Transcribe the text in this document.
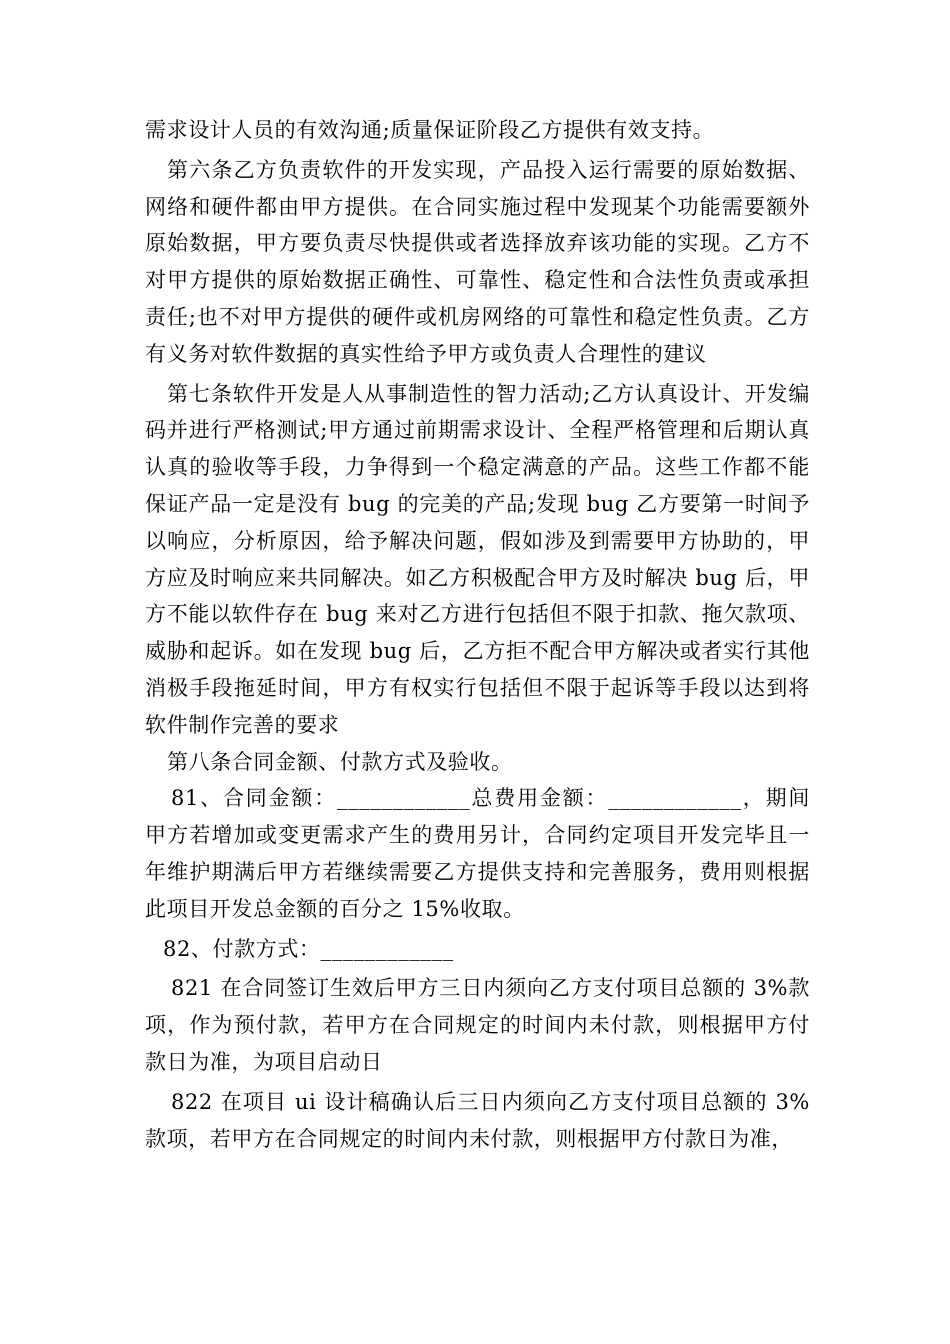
需求设计人员的有效沟通;质量保证阶段乙方提供有效支持。

第六条乙方负责软件的开发实现，产品投入运行需要的原始数据、网络和硬件都由甲方提供。在合同实施过程中发现某个功能需要额外原始数据，甲方要负责尽快提供或者选择放弃该功能的实现。乙方不对甲方提供的原始数据正确性、可靠性、稳定性和合法性负责或承担责任;也不对甲方提供的硬件或机房网络的可靠性和稳定性负责。乙方有义务对软件数据的真实性给予甲方或负责人合理性的建议

第七条软件开发是人从事制造性的智力活动;乙方认真设计、开发编码并进行严格测试;甲方通过前期需求设计、全程严格管理和后期认真认真的验收等手段，力争得到一个稳定满意的产品。这些工作都不能保证产品一定是没有 bug 的完美的产品;发现 bug 乙方要第一时间予以响应，分析原因，给予解决问题，假如涉及到需要甲方协助的，甲方应及时响应来共同解决。如乙方积极配合甲方及时解决 bug 后，甲方不能以软件存在 bug 来对乙方进行包括但不限于扣款、拖欠款项、威胁和起诉。如在发现 bug 后，乙方拒不配合甲方解决或者实行其他消极手段拖延时间，甲方有权实行包括但不限于起诉等手段以达到将软件制作完善的要求

第八条合同金额、付款方式及验收。

81、合同金额：____________总费用金额：____________，期间甲方若增加或变更需求产生的费用另计，合同约定项目开发完毕且一年维护期满后甲方若继续需要乙方提供支持和完善服务，费用则根据此项目开发总金额的百分之 15%收取。

82、付款方式：____________

821 在合同签订生效后甲方三日内须向乙方支付项目总额的 3%款项，作为预付款，若甲方在合同规定的时间内未付款，则根据甲方付款日为准，为项目启动日

822 在项目 ui 设计稿确认后三日内须向乙方支付项目总额的 3%款项，若甲方在合同规定的时间内未付款，则根据甲方付款日为准，
